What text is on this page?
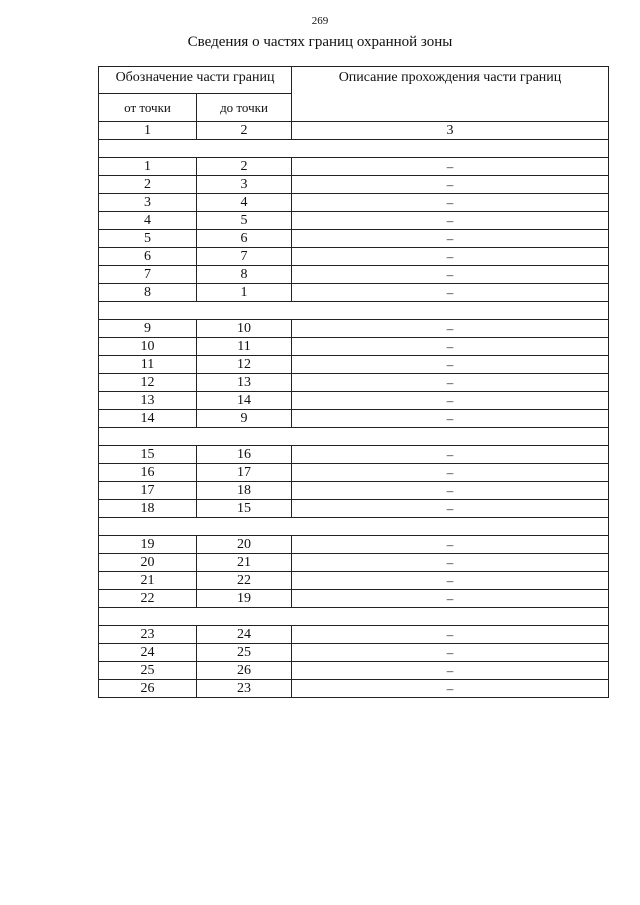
269
Сведения о частях границ охранной зоны
Обозначение части границ		Описание прохождения части границ
от точки	до точки	
1	2	3

1	2	–
2	3	–
3	4	–
4	5	–
5	6	–
6	7	–
7	8	–
8	1	–

9	10	–
10	11	–
11	12	–
12	13	–
13	14	–
14	9	–

15	16	–
16	17	–
17	18	–
18	15	–

19	20	–
20	21	–
21	22	–
22	19	–

23	24	–
24	25	–
25	26	–
26	23	–
